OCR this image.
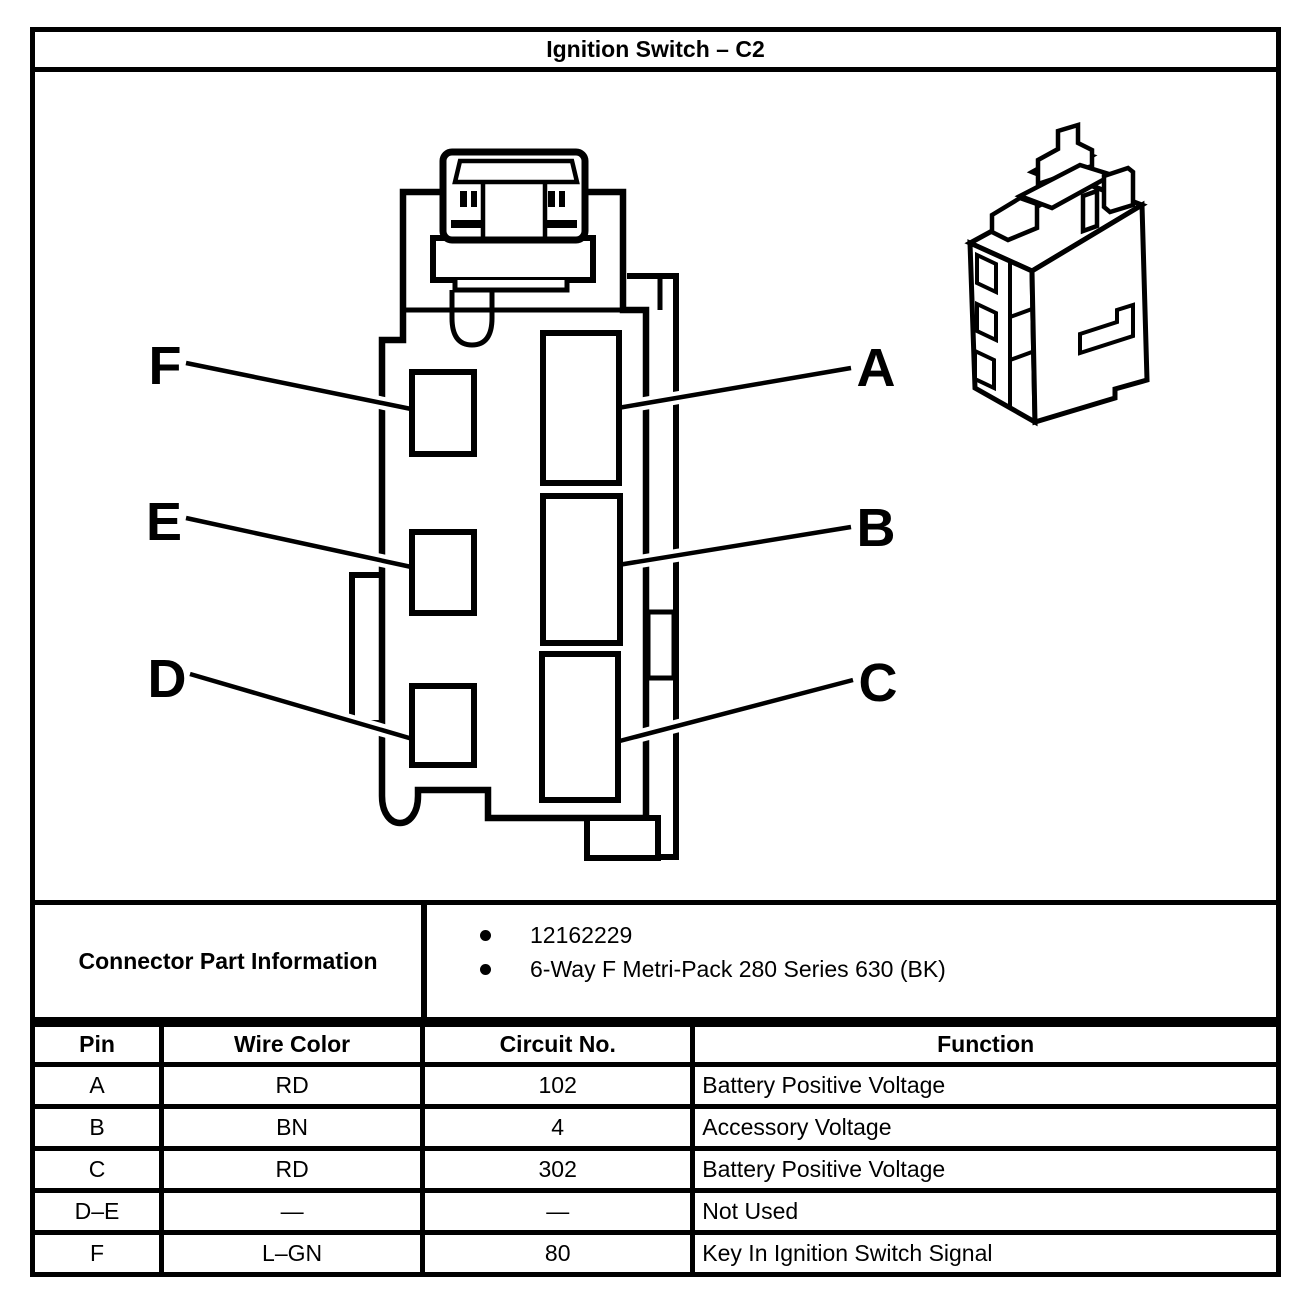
Ignition Switch – C2
F
E
D
A
B
C
Connector Part Information
12162229
6-Way F Metri-Pack 280 Series 630 (BK)
Pin	Wire Color	Circuit No.	Function
A	RD	102	Battery Positive Voltage
B	BN	4	Accessory Voltage
C	RD	302	Battery Positive Voltage
D–E	—	—	Not Used
F	L–GN	80	Key In Ignition Switch Signal
